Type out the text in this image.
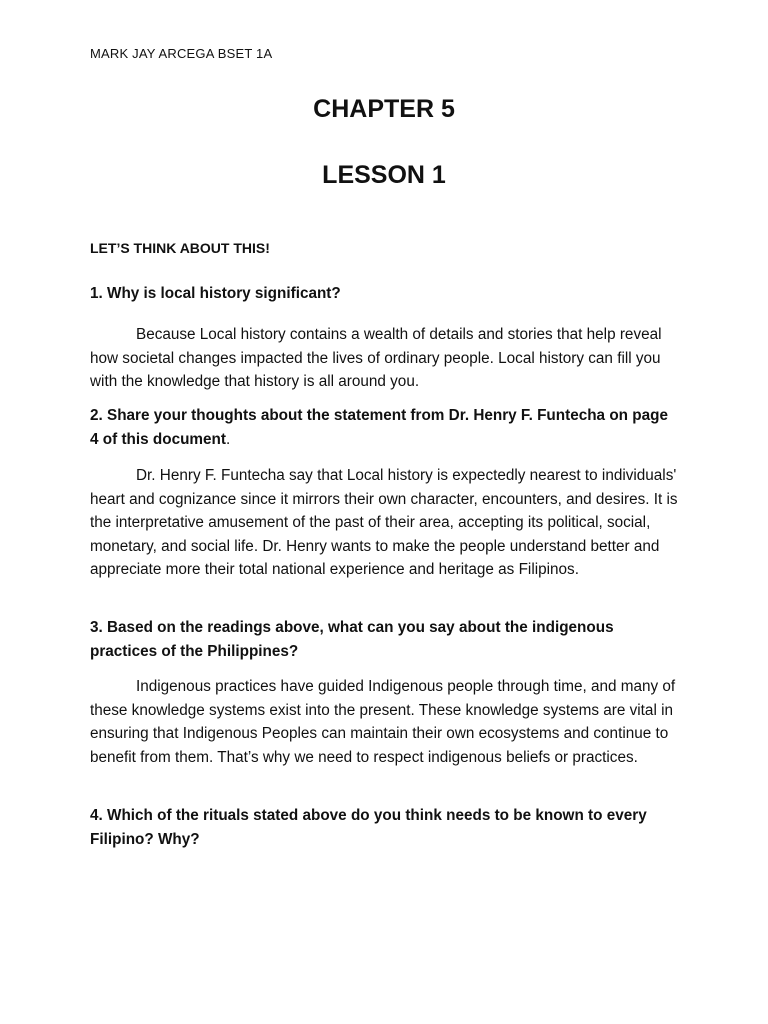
MARK JAY ARCEGA BSET 1A
CHAPTER 5
LESSON 1
LET’S THINK ABOUT THIS!
1. Why is local history significant?
Because Local history contains a wealth of details and stories that help reveal how societal changes impacted the lives of ordinary people. Local history can fill you with the knowledge that history is all around you.
2. Share your thoughts about the statement from Dr. Henry F. Funtecha on page 4 of this document.
Dr. Henry F. Funtecha say that Local history is expectedly nearest to individuals' heart and cognizance since it mirrors their own character, encounters, and desires. It is the interpretative amusement of the past of their area, accepting its political, social, monetary, and social life. Dr. Henry wants to make the people understand better and appreciate more their total national experience and heritage as Filipinos.
3. Based on the readings above, what can you say about the indigenous practices of the Philippines?
Indigenous practices have guided Indigenous people through time, and many of these knowledge systems exist into the present. These knowledge systems are vital in ensuring that Indigenous Peoples can maintain their own ecosystems and continue to benefit from them. That’s why we need to respect indigenous beliefs or practices.
4. Which of the rituals stated above do you think needs to be known to every Filipino? Why?
